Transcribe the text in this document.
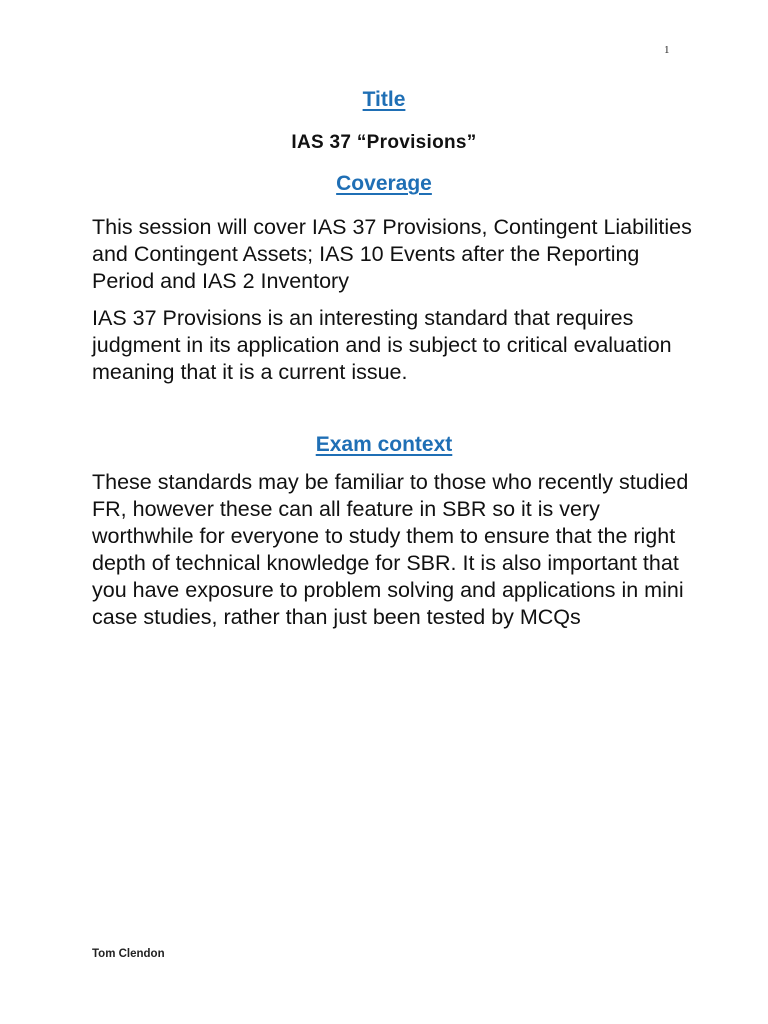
1
Title
IAS 37 “Provisions”
Coverage

This session will cover IAS 37 Provisions, Contingent Liabilities and Contingent Assets; IAS 10 Events after the Reporting Period and IAS 2 Inventory

IAS 37 Provisions is an interesting standard that requires judgment in its application and is subject to critical evaluation meaning that it is a current issue.

Exam context

These standards may be familiar to those who recently studied FR, however these can all feature in SBR so it is very worthwhile for everyone to study them to ensure that the right depth of technical knowledge for SBR. It is also important that you have exposure to problem solving and applications in mini case studies, rather than just been tested by MCQs

Tom Clendon
